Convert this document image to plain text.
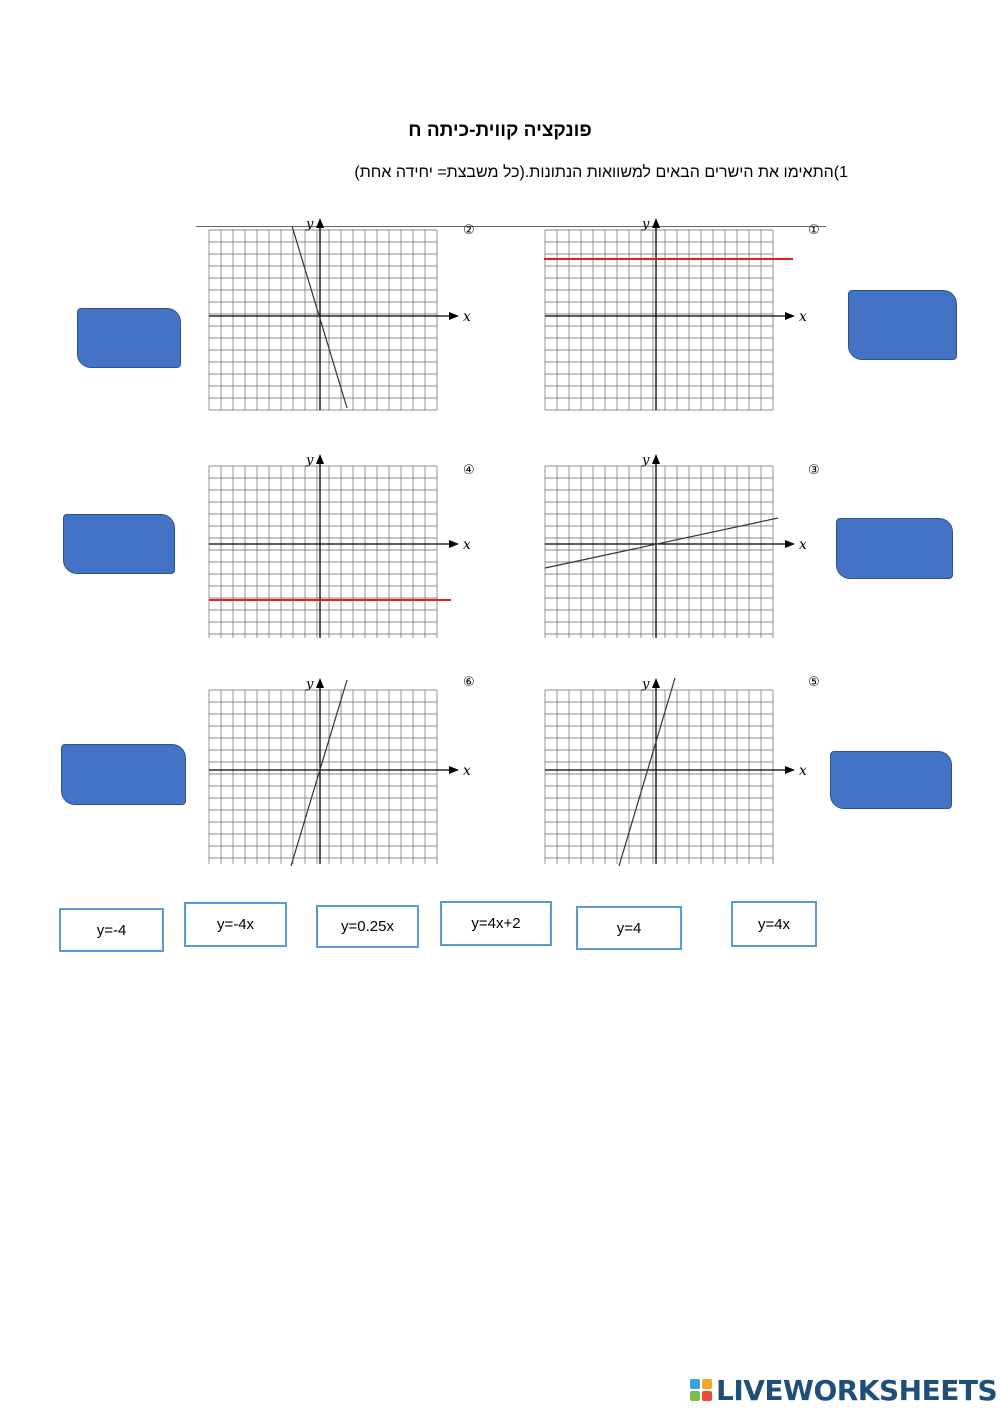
פונקציה קווית-כיתה ח
1)התאימו את הישרים הבאים למשוואות הנתונות.(כל משבצת= יחידה אחת)
x
y	②
x
y	①
x
y
④
x
y
③
x
y	⑥
x
y	⑤
y=-4	y=-4x	y=0.25x	y=4x+2	y=4	y=4x
LIVEWORKSHEETS
